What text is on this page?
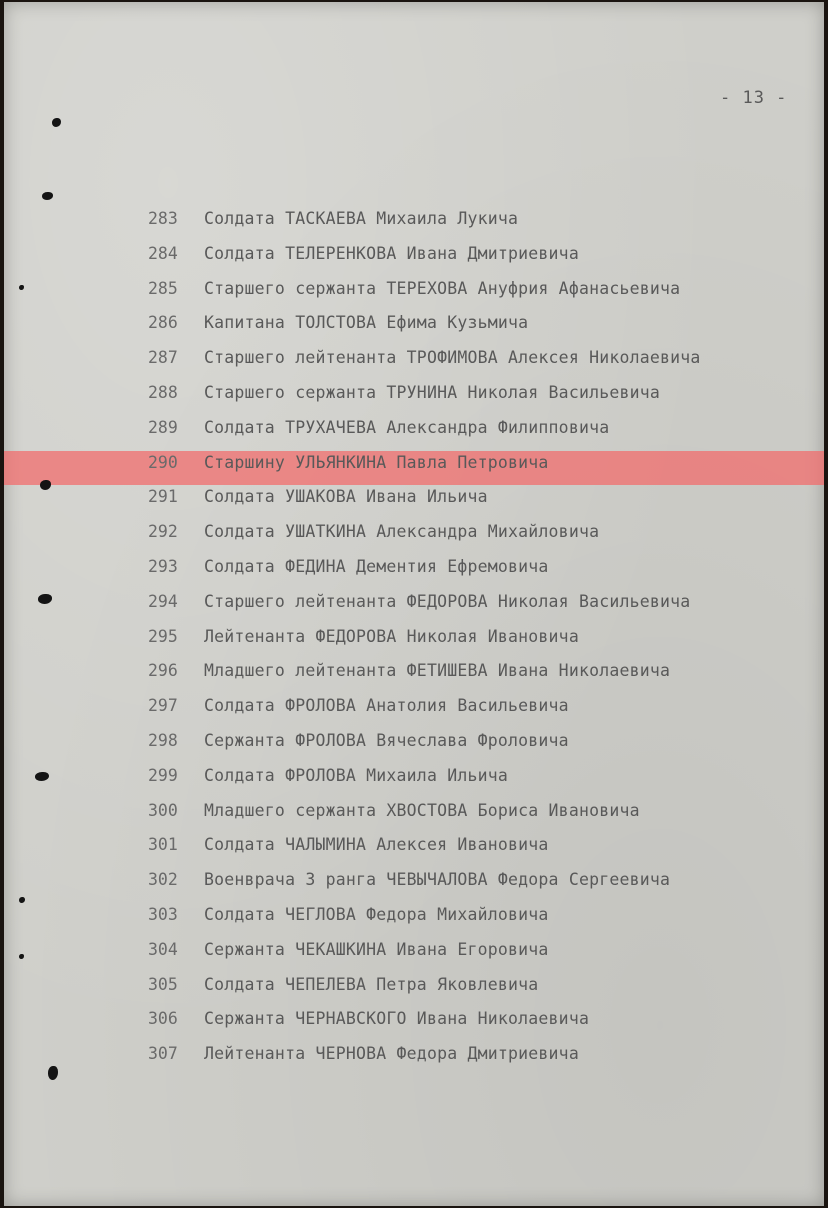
- 13 -
283 Солдата ТАСКАЕВА Михаила Лукича
284 Солдата ТЕЛЕРЕНКОВА Ивана Дмитриевича
285 Старшего сержанта ТЕРЕХОВА Ануфрия Афанасьевича
286 Капитана ТОЛСТОВА Ефима Кузьмича
287 Старшего лейтенанта ТРОФИМОВА Алексея Николаевича
288 Старшего сержанта ТРУНИНА Николая Васильевича
289 Солдата ТРУХАЧЕВА Александра Филипповича
290 Старшину УЛЬЯНКИНА Павла Петровича
291 Солдата УШАКОВА Ивана Ильича
292 Солдата УШАТКИНА Александра Михайловича
293 Солдата ФЕДИНА Дементия Ефремовича
294 Старшего лейтенанта ФЕДОРОВА Николая Васильевича
295 Лейтенанта ФЕДОРОВА Николая Ивановича
296 Младшего лейтенанта ФЕТИШЕВА Ивана Николаевича
297 Солдата ФРОЛОВА Анатолия Васильевича
298 Сержанта ФРОЛОВА Вячеслава Фроловича
299 Солдата ФРОЛОВА Михаила Ильича
300 Младшего сержанта ХВОСТОВА Бориса Ивановича
301 Солдата ЧАЛЫМИНА Алексея Ивановича
302 Военврача 3 ранга ЧЕВЫЧАЛОВА Федора Сергеевича
303 Солдата ЧЕГЛОВА Федора Михайловича
304 Сержанта ЧЕКАШКИНА Ивана Егоровича
305 Солдата ЧЕПЕЛЕВА Петра Яковлевича
306 Сержанта ЧЕРНАВСКОГО Ивана Николаевича
307 Лейтенанта ЧЕРНОВА Федора Дмитриевича
